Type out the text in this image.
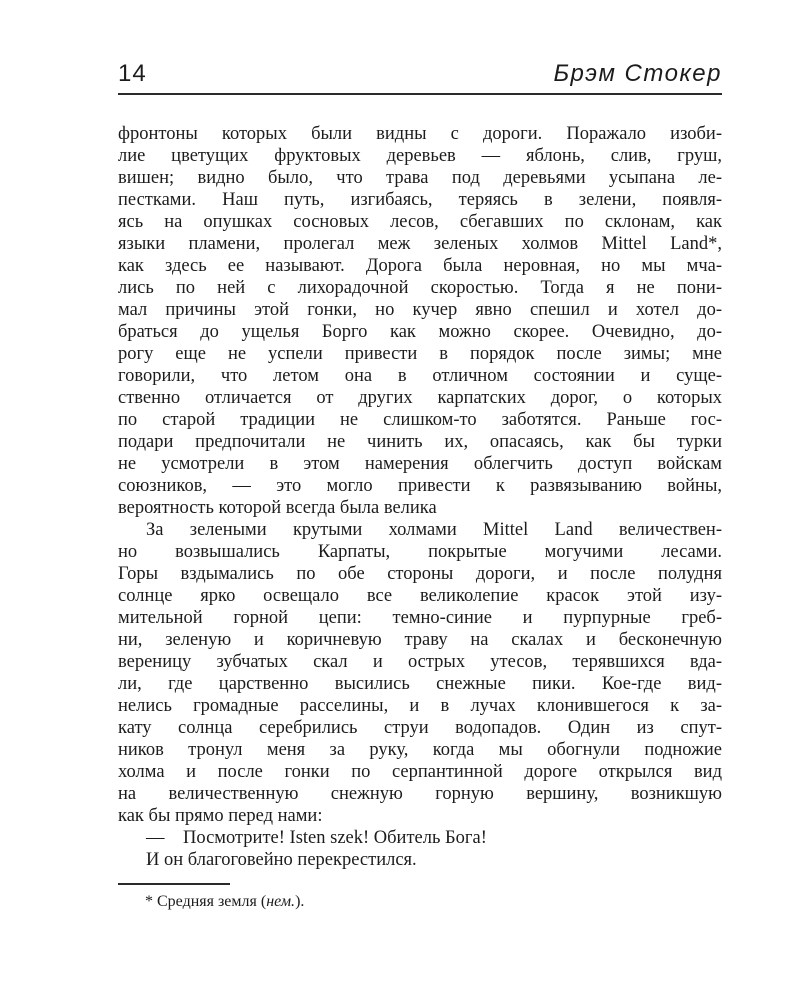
14	Брэм Стокер
фронтоны которых были видны с дороги. Поражало изоби-
лие цветущих фруктовых деревьев — яблонь, слив, груш,
вишен; видно было, что трава под деревьями усыпана ле-
пестками. Наш путь, изгибаясь, теряясь в зелени, появля-
ясь на опушках сосновых лесов, сбегавших по склонам, как
языки пламени, пролегал меж зеленых холмов Mittel Land*,
как здесь ее называют. Дорога была неровная, но мы мча-
лись по ней с лихорадочной скоростью. Тогда я не пони-
мал причины этой гонки, но кучер явно спешил и хотел до-
браться до ущелья Борго как можно скорее. Очевидно, до-
рогу еще не успели привести в порядок после зимы; мне
говорили, что летом она в отличном состоянии и суще-
ственно отличается от других карпатских дорог, о которых
по старой традиции не слишком-то заботятся. Раньше гос-
подари предпочитали не чинить их, опасаясь, как бы турки
не усмотрели в этом намерения облегчить доступ войскам
союзников, — это могло привести к развязыванию войны,
вероятность которой всегда была велика
За зелеными крутыми холмами Mittel Land величествен-
но возвышались Карпаты, покрытые могучими лесами.
Горы вздымались по обе стороны дороги, и после полудня
солнце ярко освещало все великолепие красок этой изу-
мительной горной цепи: темно-синие и пурпурные греб-
ни, зеленую и коричневую траву на скалах и бесконечную
вереницу зубчатых скал и острых утесов, терявшихся вда-
ли, где царственно высились снежные пики. Кое-где вид-
нелись громадные расселины, и в лучах клонившегося к за-
кату солнца серебрились струи водопадов. Один из спут-
ников тронул меня за руку, когда мы обогнули подножие
холма и после гонки по серпантинной дороге открылся вид
на величественную снежную горную вершину, возникшую
как бы прямо перед нами:
— Посмотрите! Isten szek! Обитель Бога!
И он благоговейно перекрестился.

* Средняя земля (нем.).
